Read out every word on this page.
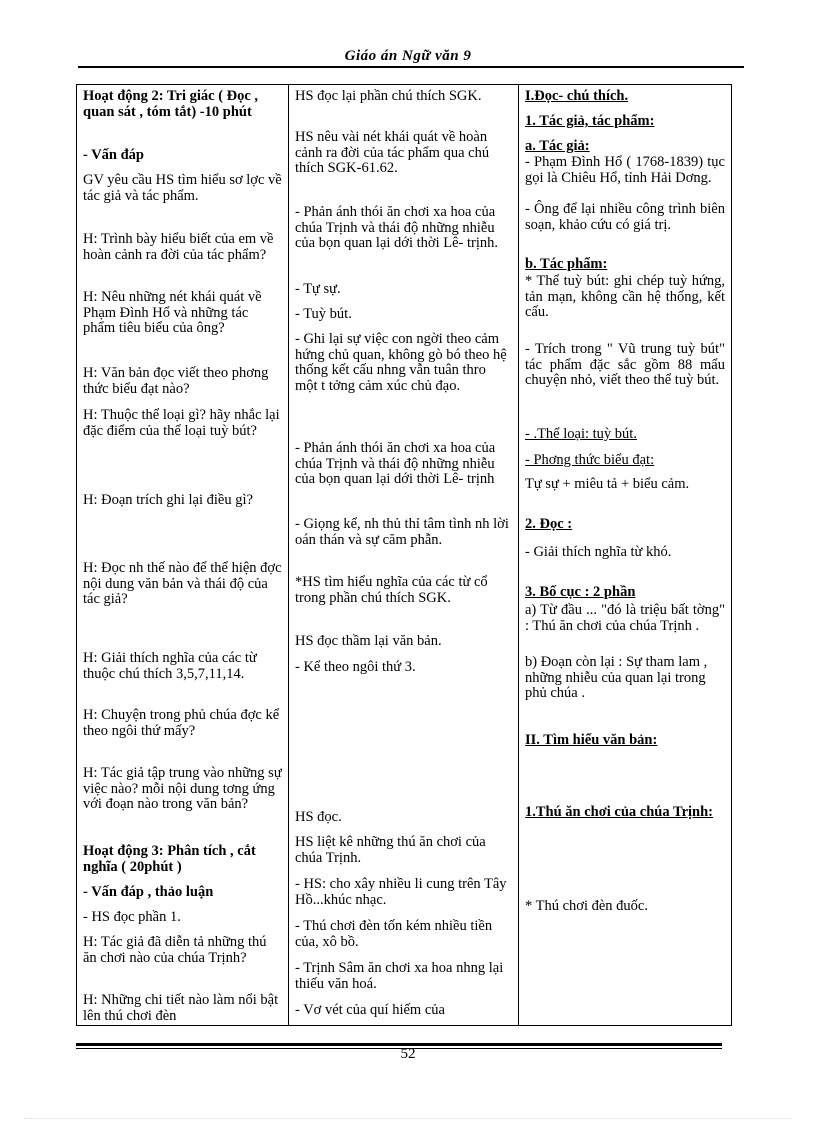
Giáo án Ngữ văn 9
Hoạt động 2: Tri giác ( Đọc , quan sát , tóm tắt) -10 phút
- Vấn đáp
GV yêu cầu HS tìm hiểu sơ lợc về tác giả và tác phẩm.
H: Trình bày hiểu biết của em về hoàn cảnh ra đời của tác phẩm?
H: Nêu những nét khái quát về Phạm Đình Hổ và những tác phẩm tiêu biểu của ông?
H: Văn bản đọc viết theo phơng thức biểu đạt nào?
H: Thuộc thể loại gì? hãy nhắc lại đặc điểm của thể loại tuỳ bút?
H: Đoạn trích ghi lại điều gì?
H: Đọc nh thế nào để thể hiện đợc nội dung văn bản và thái độ của tác giả?
H: Giải thích nghĩa của các từ thuộc chú thích 3,5,7,11,14.
H: Chuyện trong phủ chúa đợc kể theo ngôi thứ mấy?
H: Tác giả tập trung vào những sự việc nào? mỗi nội dung tơng ứng với đoạn nào trong văn bản?
Hoạt động 3: Phân tích , cắt nghĩa ( 20phút )
- Vấn đáp , thảo luận
- HS đọc phần 1.
H: Tác giả đã diễn tả những thú ăn chơi nào của chúa Trịnh?
H: Những chi tiết nào làm nổi bật lên thú chơi đèn
HS đọc lại phần chú thích SGK.
HS nêu vài nét khái quát về hoàn cảnh ra đời của tác phẩm qua chú thích SGK-61.62.
- Phản ánh thói ăn chơi xa hoa của chúa Trịnh và thái độ những nhiễu của bọn quan lại dới thời Lê- trịnh.
- Tự sự.
- Tuỳ bút.
- Ghi lại sự việc con ngời theo cảm hứng chủ quan, không gò bó theo hệ thống kết cấu nhng vẫn tuân thro một t tởng cảm xúc chủ đạo.
- Phản ánh thói ăn chơi xa hoa của chúa Trịnh và thái độ những nhiễu của bọn quan lại dới thời Lê- trịnh
- Giọng kể, nh thủ thỉ tâm tình nh lời oán thán và sự căm phẫn.
*HS tìm hiểu nghĩa của các từ cổ trong phần chú thích SGK.
HS đọc thầm lại văn bản.
- Kể theo ngôi thứ 3.
HS đọc.
HS liệt kê những thú ăn chơi của chúa Trịnh.
- HS: cho xây nhiều li cung trên Tây Hồ...khúc nhạc.
- Thú chơi đèn tốn kém nhiều tiền của, xô bồ.
- Trịnh Sâm ăn chơi xa hoa nhng lại thiếu văn hoá.
- Vơ vét của quí hiếm của
I.Đọc- chú thích.
1. Tác giả, tác phẩm:
a. Tác giả:
- Phạm Đình Hổ ( 1768-1839) tục gọi là Chiêu Hổ, tỉnh Hải Dơng.
- Ông để lại nhiều công trình biên soạn, khảo cứu có giá trị.
b. Tác phẩm:
* Thể tuỳ bút: ghi chép tuỳ hứng, tản mạn, không cần hệ thống, kết cấu.
- Trích trong " Vũ trung tuỳ bút" tác phẩm đặc sắc gồm 88 mẩu chuyện nhỏ, viết theo thể tuỳ bút.
- .Thể loại: tuỳ bút.
- Phơng thức biểu đạt:
Tự sự + miêu tả + biểu cảm.
2. Đọc :
- Giải thích nghĩa từ khó.
3. Bố cục : 2 phần
a) Từ đầu ... "đó là triệu bất tờng" : Thú ăn chơi của chúa Trịnh .
b) Đoạn còn lại : Sự tham lam , những nhiễu của quan lại trong phủ chúa .
II. Tìm hiểu văn bản:
1.Thú ăn chơi của chúa Trịnh:
* Thú chơi đèn đuốc.
52
